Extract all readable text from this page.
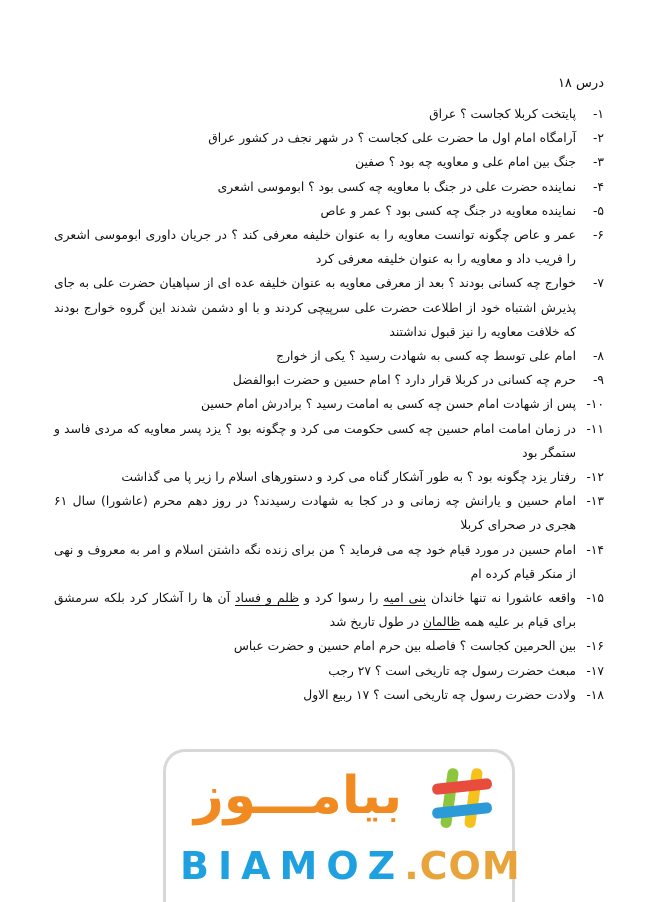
درس ۱۸
۱-
پایتخت کربلا کجاست ؟ عراق
۲-
آرامگاه امام اول ما حضرت علی کجاست ؟ در شهر نجف در کشور عراق
۳-
جنگ بین امام علی و معاویه چه بود ؟ صفین
۴-
نماینده حضرت علی در جنگ با معاویه چه کسی بود ؟ ابوموسی اشعری
۵-
نماینده معاویه در جنگ چه کسی بود ؟ عمر و عاص
۶-
عمر و عاص چگونه توانست معاویه را به عنوان خلیفه معرفی کند ؟ در جریان داوری ابوموسی اشعری را فریب داد و معاویه را به عنوان خلیفه معرفی کرد
۷-
خوارج چه کسانی بودند ؟ بعد از معرفی معاویه به عنوان خلیفه عده ای از سپاهیان حضرت علی به جای پذیرش اشتباه خود از اطلاعت حضرت علی سرپیچی کردند و با او دشمن شدند این گروه خوارج بودند که خلافت معاویه را نیز قبول نداشتند
۸-
امام علی توسط چه کسی به شهادت رسید ؟ یکی از خوارج
۹-
حرم چه کسانی در کربلا قرار دارد ؟ امام حسین و حضرت ابوالفضل
۱۰-
پس از شهادت امام حسن چه کسی به امامت رسید ؟ برادرش امام حسین
۱۱-
در زمان امامت امام حسین چه کسی حکومت می کرد و چگونه بود ؟ یزد پسر معاویه که مردی فاسد و ستمگر بود
۱۲-
رفتار یزد چگونه بود ؟ به طور آشکار گناه می کرد و دستورهای اسلام را زیر پا می گذاشت
۱۳-
امام حسین و یارانش چه زمانی و در کجا به شهادت رسیدند؟ در روز دهم محرم (عاشورا) سال ۶۱ هجری در صحرای کربلا
۱۴-
امام حسین در مورد قیام خود چه می فرماید ؟ من برای زنده نگه داشتن اسلام و امر به معروف و نهی از منکر قیام کرده ام
۱۵-
واقعه عاشورا نه تنها خاندان بنی امیه را رسوا کرد و ظلم و فساد آن ها را آشکار کرد بلکه سرمشق برای قیام بر علیه همه ظالمان در طول تاریخ شد
۱۶-
بین الحرمین کجاست ؟ فاصله بین حرم امام حسین و حضرت عباس
۱۷-
مبعث حضرت رسول چه تاریخی است ؟ ۲۷ رجب
۱۸-
ولادت حضرت رسول چه تاریخی است ؟ ۱۷ ربیع الاول
بیامـــوز
BIAMOZ.COM
